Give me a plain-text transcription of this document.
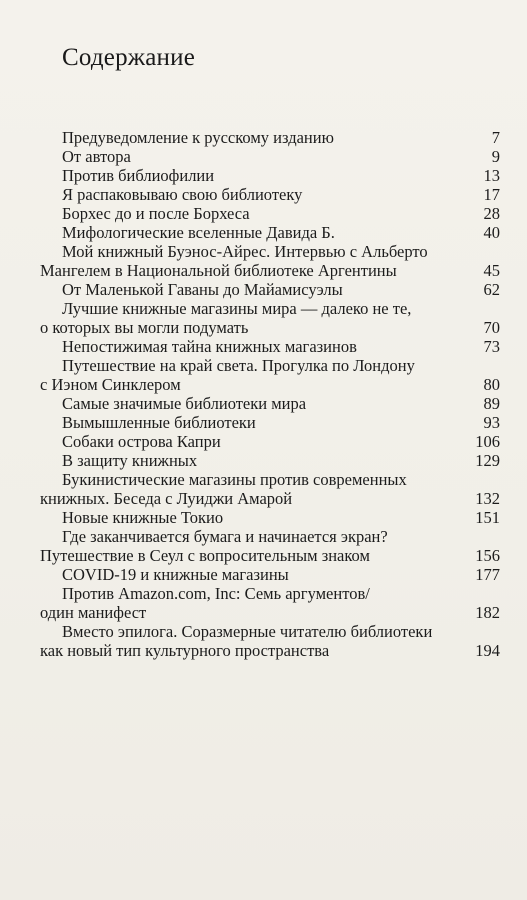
Содержание
Предуведомление к русскому изданию	7
От автора	9
Против библиофилии	13
Я распаковываю свою библиотеку	17
Борхес до и после Борхеса	28
Мифологические вселенные Давида Б.	40
Мой книжный Буэнос-Айрес. Интервью с Альберто
Мангелем в Национальной библиотеке Аргентины	45
От Маленькой Гаваны до Майамисуэлы	62
Лучшие книжные магазины мира — далеко не те,
о которых вы могли подумать	70
Непостижимая тайна книжных магазинов	73
Путешествие на край света. Прогулка по Лондону
с Иэном Синклером	80
Самые значимые библиотеки мира	89
Вымышленные библиотеки	93
Собаки острова Капри	106
В защиту книжных	129
Букинистические магазины против современных
книжных. Беседа с Луиджи Амарой	132
Новые книжные Токио	151
Где заканчивается бумага и начинается экран?
Путешествие в Сеул с вопросительным знаком	156
COVID-19 и книжные магазины	177
Против Amazon.com, Inc: Семь аргументов/
один манифест	182
Вместо эпилога. Соразмерные читателю библиотеки
как новый тип культурного пространства	194
